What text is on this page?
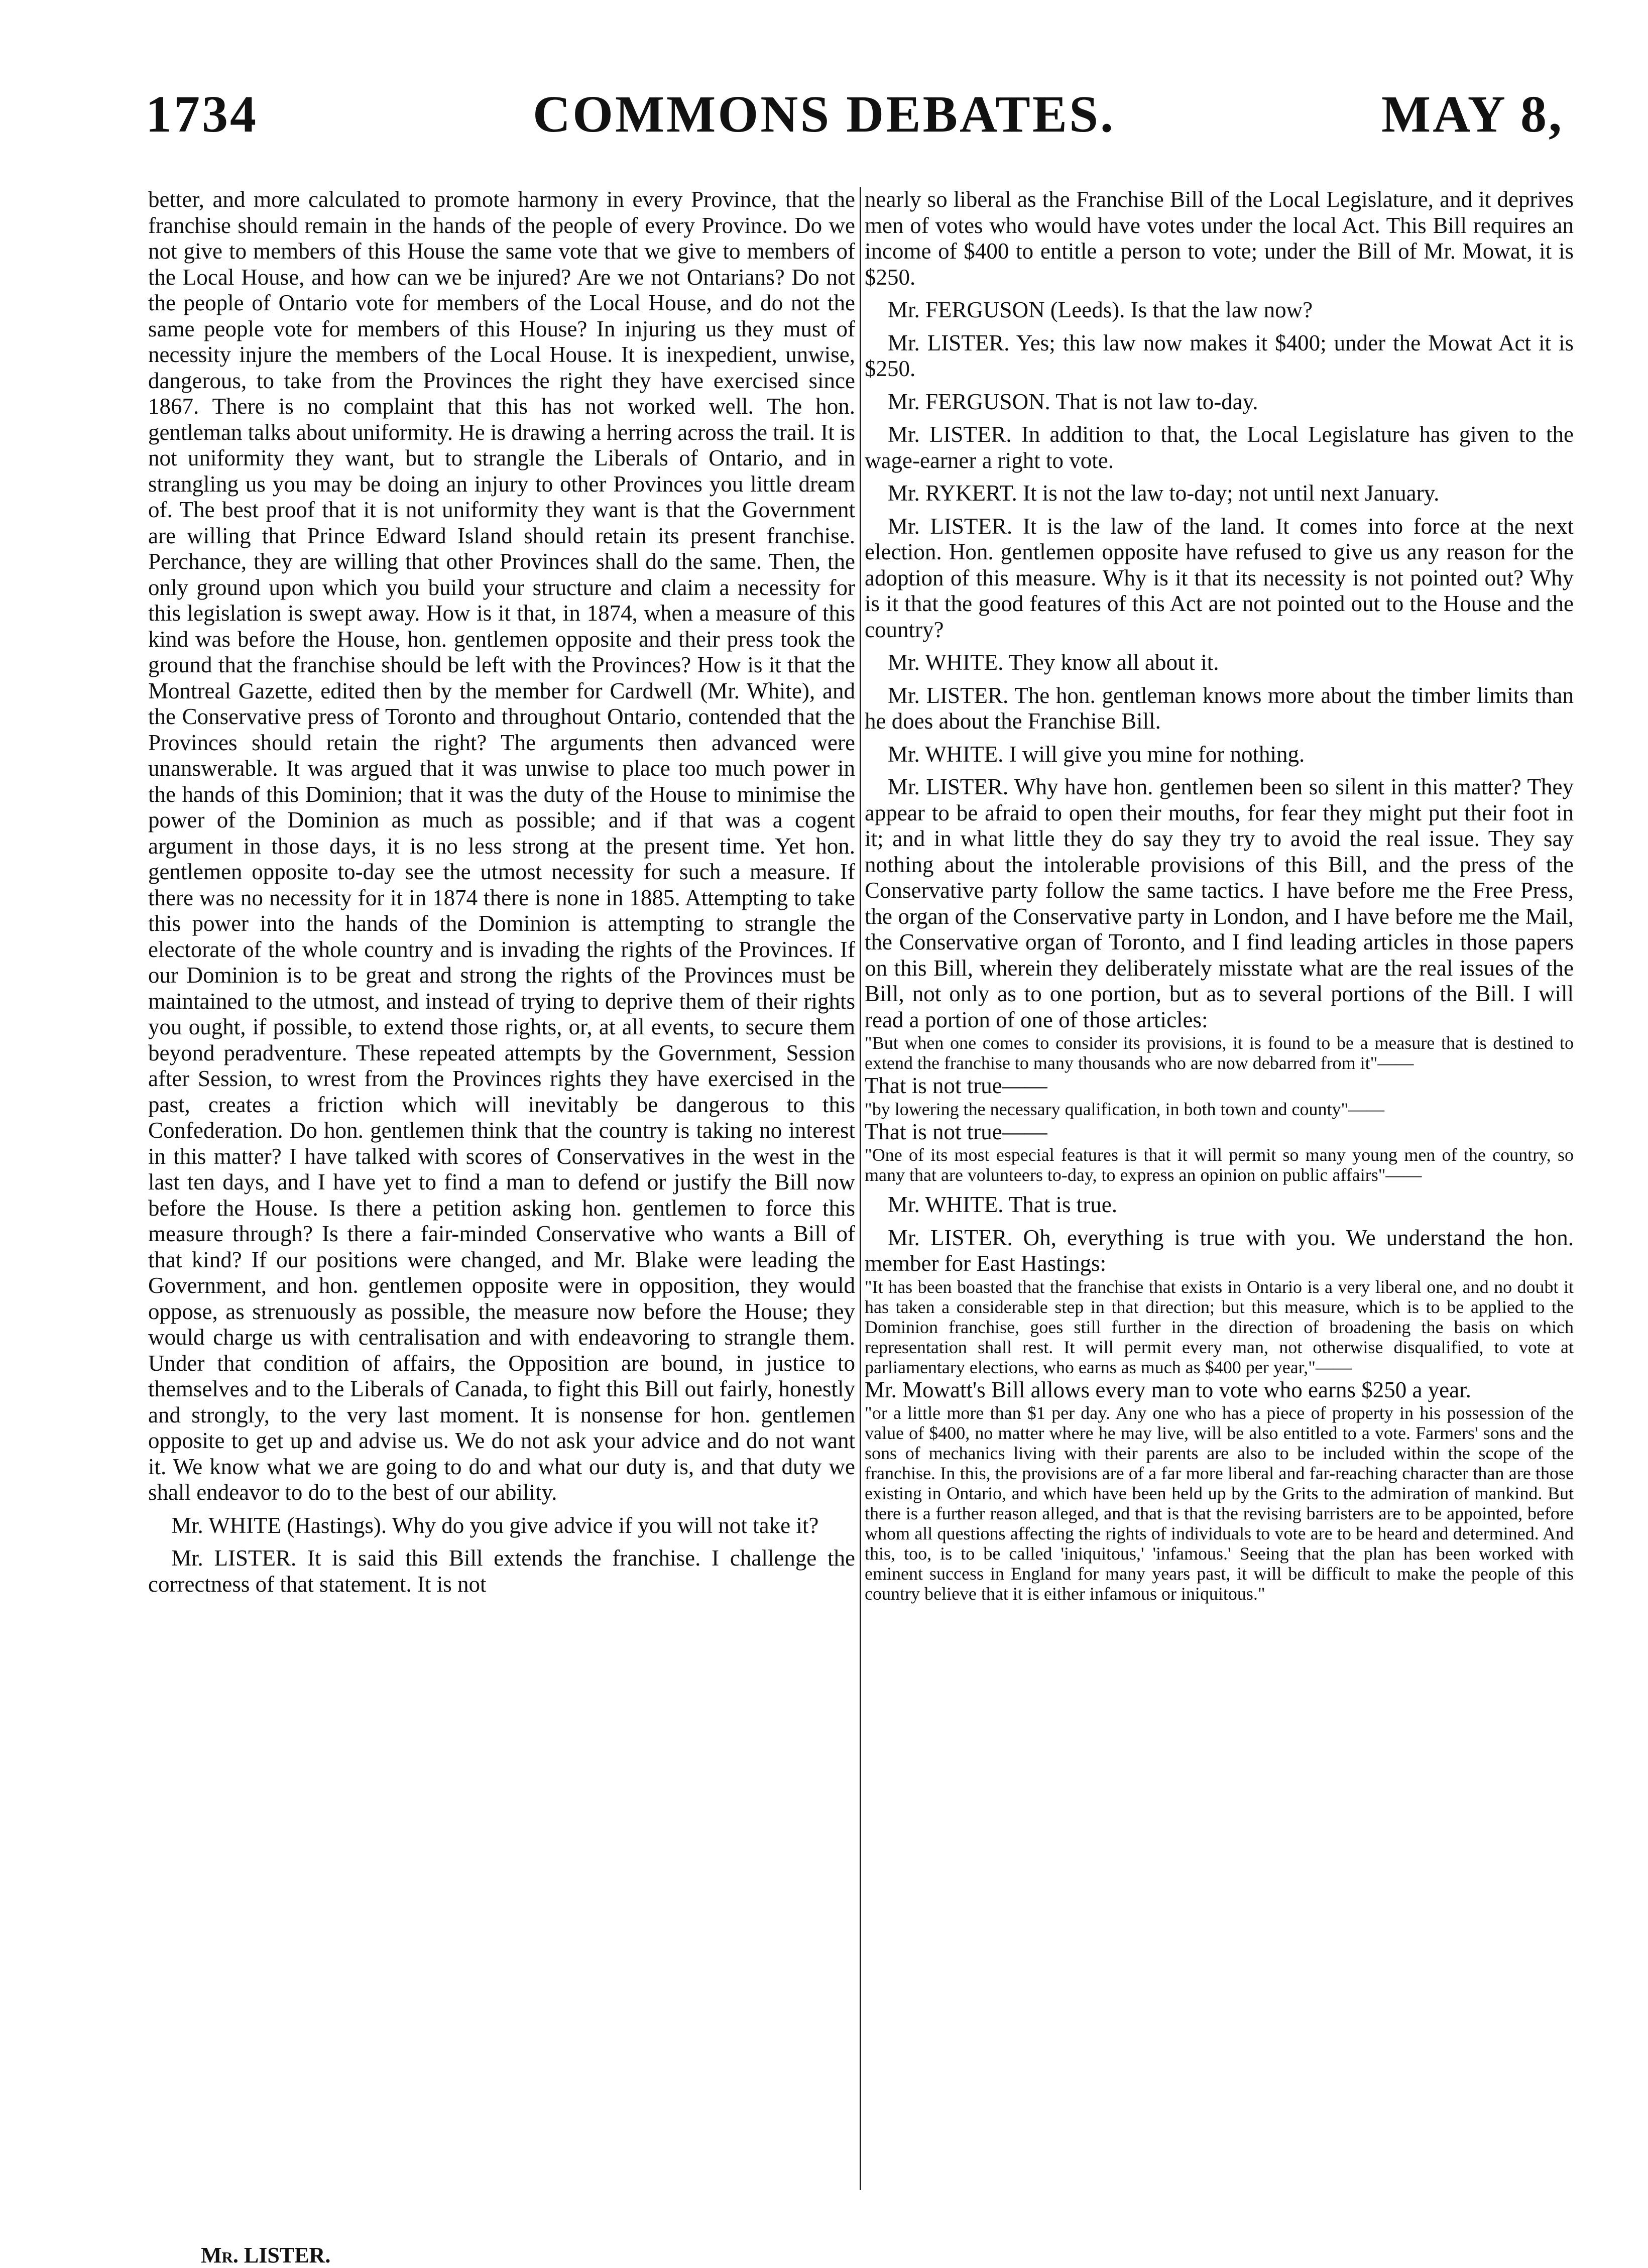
1734	COMMONS DEBATES.	MAY 8,

better, and more calculated to promote harmony in every Province, that the franchise should remain in the hands of the people of every Province. Do we not give to members of this House the same vote that we give to members of the Local House, and how can we be injured? Are we not Ontarians? Do not the people of Ontario vote for members of the Local House, and do not the same people vote for members of this House? In injuring us they must of necessity injure the members of the Local House. It is inexpedient, unwise, dangerous, to take from the Provinces the right they have exercised since 1867. There is no complaint that this has not worked well. The hon. gentleman talks about uniformity. He is drawing a herring across the trail. It is not uniformity they want, but to strangle the Liberals of Ontario, and in strangling us you may be doing an injury to other Provinces you little dream of. The best proof that it is not uniformity they want is that the Government are willing that Prince Edward Island should retain its present franchise. Perchance, they are willing that other Provinces shall do the same. Then, the only ground upon which you build your structure and claim a necessity for this legislation is swept away. How is it that, in 1874, when a measure of this kind was before the House, hon. gentlemen opposite and their press took the ground that the franchise should be left with the Provinces? How is it that the Montreal Gazette, edited then by the member for Cardwell (Mr. White), and the Conservative press of Toronto and throughout Ontario, contended that the Provinces should retain the right? The arguments then advanced were unanswerable. It was argued that it was unwise to place too much power in the hands of this Dominion; that it was the duty of the House to minimise the power of the Dominion as much as possible; and if that was a cogent argument in those days, it is no less strong at the present time. Yet hon. gentlemen opposite to-day see the utmost necessity for such a measure. If there was no necessity for it in 1874 there is none in 1885. Attempting to take this power into the hands of the Dominion is attempting to strangle the electorate of the whole country and is invading the rights of the Provinces. If our Dominion is to be great and strong the rights of the Provinces must be maintained to the utmost, and instead of trying to deprive them of their rights you ought, if possible, to extend those rights, or, at all events, to secure them beyond peradventure. These repeated attempts by the Government, Session after Session, to wrest from the Provinces rights they have exercised in the past, creates a friction which will inevitably be dangerous to this Confederation. Do hon. gentlemen think that the country is taking no interest in this matter? I have talked with scores of Conservatives in the west in the last ten days, and I have yet to find a man to defend or justify the Bill now before the House. Is there a petition asking hon. gentlemen to force this measure through? Is there a fair-minded Conservative who wants a Bill of that kind? If our positions were changed, and Mr. Blake were leading the Government, and hon. gentlemen opposite were in opposition, they would oppose, as strenuously as possible, the measure now before the House; they would charge us with centralisation and with endeavoring to strangle them. Under that condition of affairs, the Opposition are bound, in justice to themselves and to the Liberals of Canada, to fight this Bill out fairly, honestly and strongly, to the very last moment. It is nonsense for hon. gentlemen opposite to get up and advise us. We do not ask your advice and do not want it. We know what we are going to do and what our duty is, and that duty we shall endeavor to do to the best of our ability.

Mr. WHITE (Hastings). Why do you give advice if you will not take it?

Mr. LISTER. It is said this Bill extends the franchise. I challenge the correctness of that statement. It is not

nearly so liberal as the Franchise Bill of the Local Legislature, and it deprives men of votes who would have votes under the local Act. This Bill requires an income of $400 to entitle a person to vote; under the Bill of Mr. Mowat, it is $250.

Mr. FERGUSON (Leeds). Is that the law now?

Mr. LISTER. Yes; this law now makes it $400; under the Mowat Act it is $250.

Mr. FERGUSON. That is not law to-day.

Mr. LISTER. In addition to that, the Local Legislature has given to the wage-earner a right to vote.

Mr. RYKERT. It is not the law to-day; not until next January.

Mr. LISTER. It is the law of the land. It comes into force at the next election. Hon. gentlemen opposite have refused to give us any reason for the adoption of this measure. Why is it that its necessity is not pointed out? Why is it that the good features of this Act are not pointed out to the House and the country?

Mr. WHITE. They know all about it.

Mr. LISTER. The hon. gentleman knows more about the timber limits than he does about the Franchise Bill.

Mr. WHITE. I will give you mine for nothing.

Mr. LISTER. Why have hon. gentlemen been so silent in this matter? They appear to be afraid to open their mouths, for fear they might put their foot in it; and in what little they do say they try to avoid the real issue. They say nothing about the intolerable provisions of this Bill, and the press of the Conservative party follow the same tactics. I have before me the Free Press, the organ of the Conservative party in London, and I have before me the Mail, the Conservative organ of Toronto, and I find leading articles in those papers on this Bill, wherein they deliberately misstate what are the real issues of the Bill, not only as to one portion, but as to several portions of the Bill. I will read a portion of one of those articles:

"But when one comes to consider its provisions, it is found to be a measure that is destined to extend the franchise to many thousands who are now debarred from it"——

That is not true——

"by lowering the necessary qualification, in both town and county"——

That is not true——

"One of its most especial features is that it will permit so many young men of the country, so many that are volunteers to-day, to express an opinion on public affairs"——

Mr. WHITE. That is true.

Mr. LISTER. Oh, everything is true with you. We understand the hon. member for East Hastings:

"It has been boasted that the franchise that exists in Ontario is a very liberal one, and no doubt it has taken a considerable step in that direction; but this measure, which is to be applied to the Dominion franchise, goes still further in the direction of broadening the basis on which representation shall rest. It will permit every man, not otherwise disqualified, to vote at parliamentary elections, who earns as much as $400 per year,"——

Mr. Mowatt's Bill allows every man to vote who earns $250 a year.

"or a little more than $1 per day. Any one who has a piece of property in his possession of the value of $400, no matter where he may live, will be also entitled to a vote. Farmers' sons and the sons of mechanics living with their parents are also to be included within the scope of the franchise. In this, the provisions are of a far more liberal and far-reaching character than are those existing in Ontario, and which have been held up by the Grits to the admiration of mankind. But there is a further reason alleged, and that is that the revising barristers are to be appointed, before whom all questions affecting the rights of individuals to vote are to be heard and determined. And this, too, is to be called 'iniquitous,' 'infamous.' Seeing that the plan has been worked with eminent success in England for many years past, it will be difficult to make the people of this country believe that it is either infamous or iniquitous."

Mr. LISTER.
